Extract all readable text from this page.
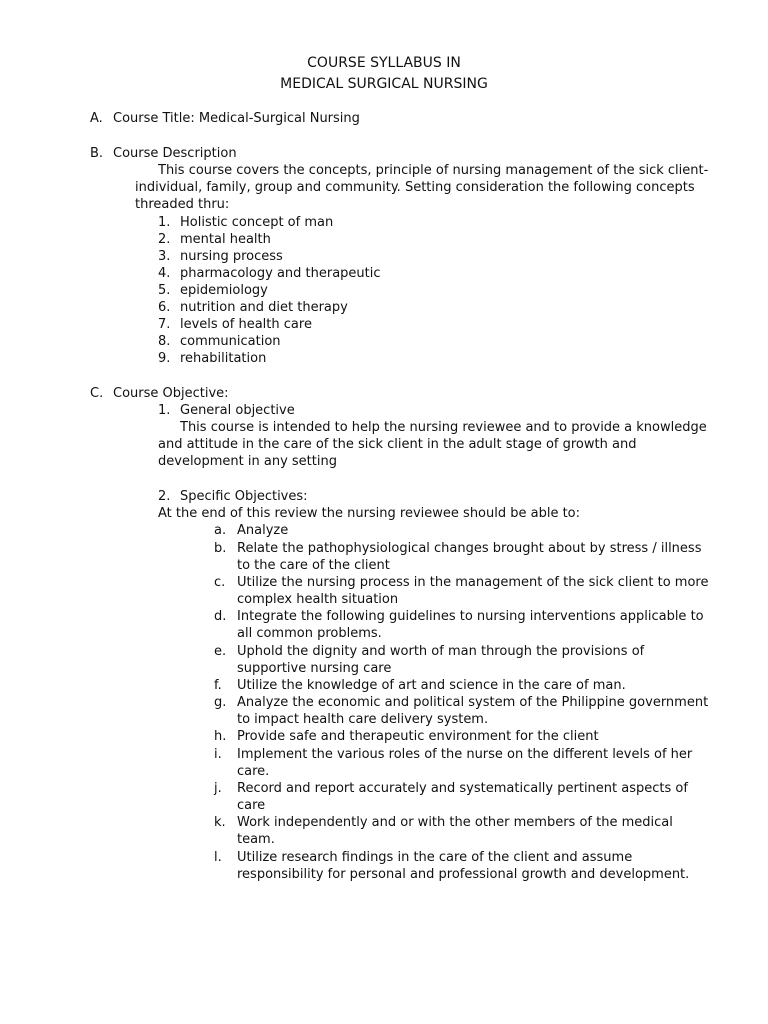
COURSE SYLLABUS IN
MEDICAL SURGICAL NURSING
A. Course Title: Medical-Surgical Nursing
B. Course Description
This course covers the concepts, principle of nursing management of the sick client-
individual, family, group and community. Setting consideration the following concepts
threaded thru:
1. Holistic concept of man
2. mental health
3. nursing process
4. pharmacology and therapeutic
5. epidemiology
6. nutrition and diet therapy
7. levels of health care
8. communication
9. rehabilitation
C. Course Objective:
1. General objective
This course is intended to help the nursing reviewee and to provide a knowledge
and attitude in the care of the sick client in the adult stage of growth and
development in any setting
2. Specific Objectives:
At the end of this review the nursing reviewee should be able to:
a. Analyze
b. Relate the pathophysiological changes brought about by stress / illness
to the care of the client
c. Utilize the nursing process in the management of the sick client to more
complex health situation
d. Integrate the following guidelines to nursing interventions applicable to
all common problems.
e. Uphold the dignity and worth of man through the provisions of
supportive nursing care
f. Utilize the knowledge of art and science in the care of man.
g. Analyze the economic and political system of the Philippine government
to impact health care delivery system.
h. Provide safe and therapeutic environment for the client
i. Implement the various roles of the nurse on the different levels of her
care.
j. Record and report accurately and systematically pertinent aspects of
care
k. Work independently and or with the other members of the medical
team.
l. Utilize research findings in the care of the client and assume
responsibility for personal and professional growth and development.
